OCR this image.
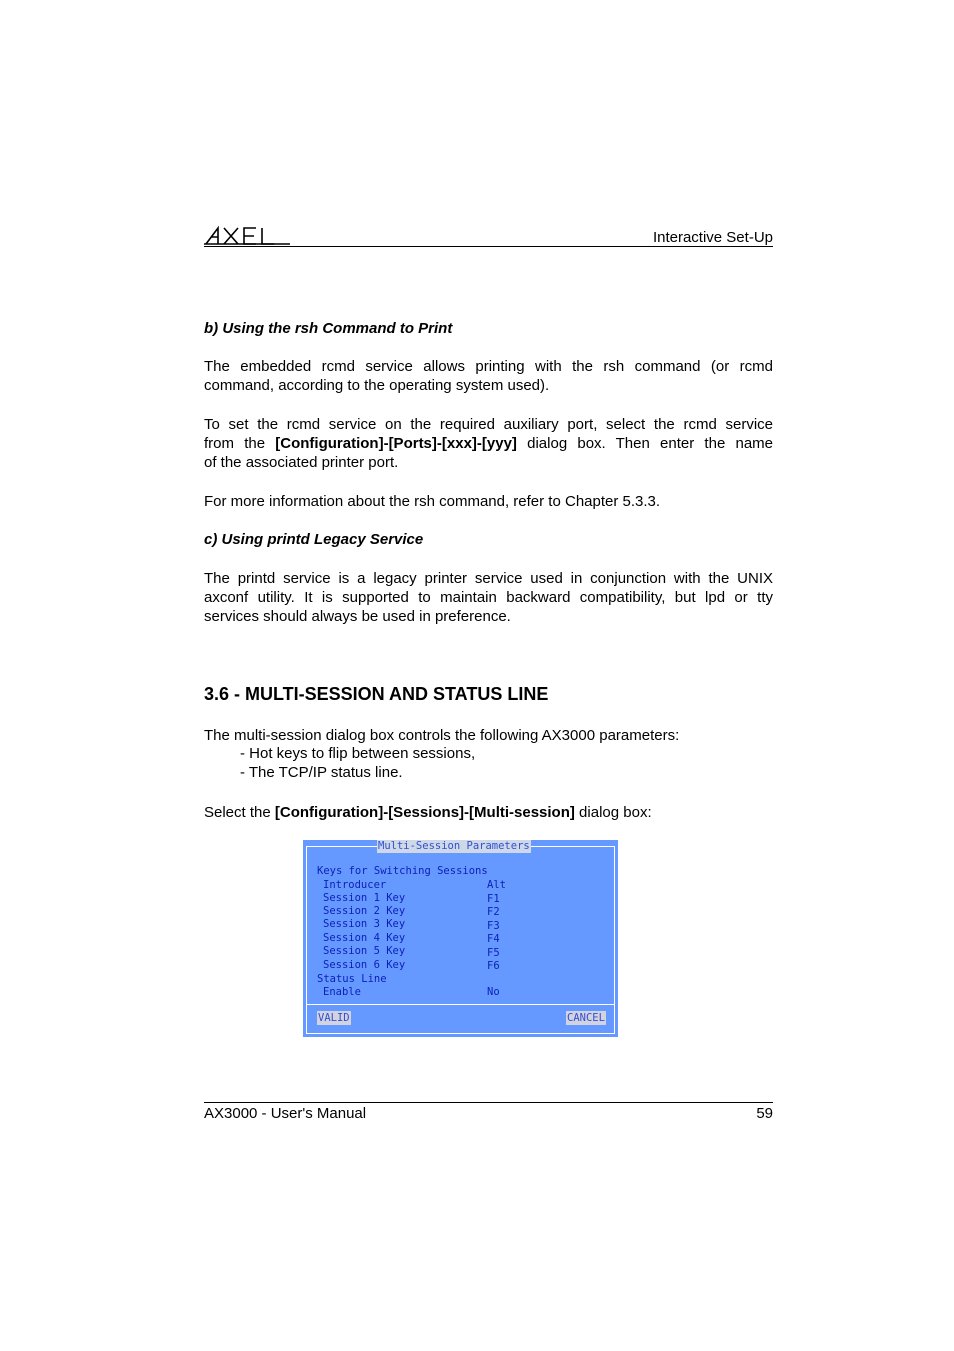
Interactive Set-Up
b) Using the rsh Command to Print
The embedded rcmd service allows printing with the rsh command (or rcmd
command, according to the operating system used).
To set the rcmd service on the required auxiliary port, select the rcmd service
from the [Configuration]-[Ports]-[xxx]-[yyy] dialog box. Then enter the name
of the associated printer port.
For more information about the rsh command, refer to Chapter 5.3.3.
c) Using printd Legacy Service
The printd service is a legacy printer service used in conjunction with the UNIX
axconf utility. It is supported to maintain backward compatibility, but lpd or tty
services should always be used in preference.
3.6 - MULTI-SESSION AND STATUS LINE
The multi-session dialog box controls the following AX3000 parameters:
- Hot keys to flip between sessions,
- The TCP/IP status line.
Select the [Configuration]-[Sessions]-[Multi-session] dialog box:
Multi-Session Parameters
Keys for Switching Sessions
Introducer	Alt
Session 1 Key	F1
Session 2 Key	F2
Session 3 Key	F3
Session 4 Key	F4
Session 5 Key	F5
Session 6 Key	F6
Status Line
Enable	No
VALID	CANCEL
AX3000 - User's Manual	59
